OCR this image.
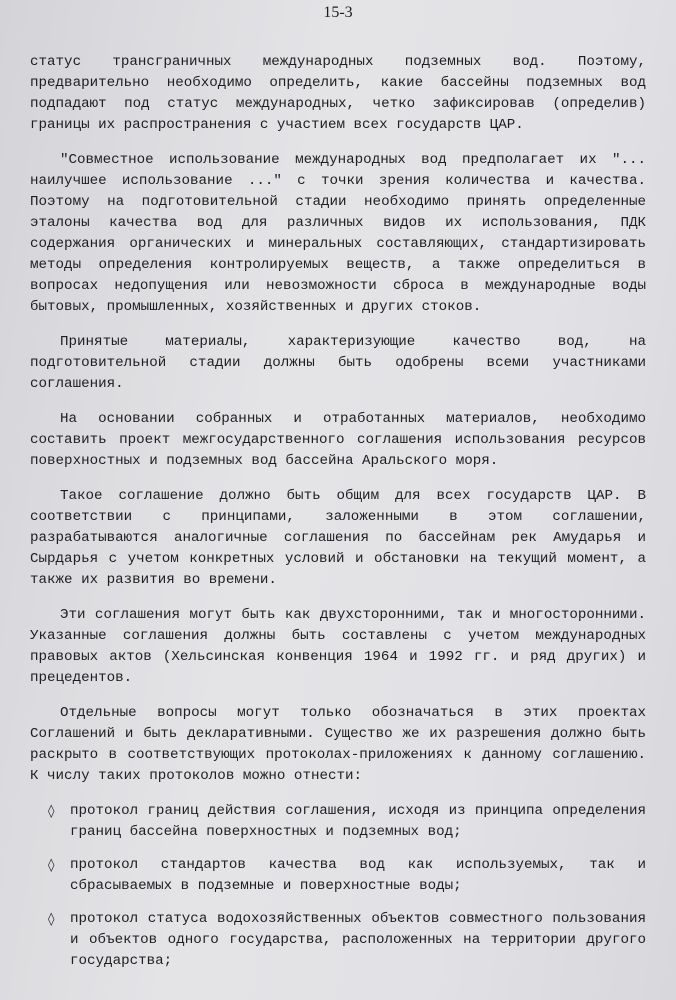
15-3

статус трансграничных международных подземных вод. Поэтому, предварительно необходимо определить, какие бассейны подземных вод подпадают под статус международных, четко зафиксировав (определив) границы их распространения с участием всех государств ЦАР.

"Совместное использование международных вод предполагает их "... наилучшее использование ..." с точки зрения количества и качества. Поэтому на подготовительной стадии необходимо принять определенные эталоны качества вод для различных видов их использования, ПДК содержания органических и минеральных составляющих, стандартизировать методы определения контролируемых веществ, а также определиться в вопросах недопущения или невозможности сброса в международные воды бытовых, промышленных, хозяйственных и других стоков.

Принятые материалы, характеризующие качество вод, на подготовительной стадии должны быть одобрены всеми участниками соглашения.

На основании собранных и отработанных материалов, необходимо составить проект межгосударственного соглашения использования ресурсов поверхностных и подземных вод бассейна Аральского моря.

Такое соглашение должно быть общим для всех государств ЦАР. В соответствии с принципами, заложенными в этом соглашении, разрабатываются аналогичные соглашения по бассейнам рек Амударья и Сырдарья с учетом конкретных условий и обстановки на текущий момент, а также их развития во времени.

Эти соглашения могут быть как двухсторонними, так и многосторонними. Указанные соглашения должны быть составлены с учетом международных правовых актов (Хельсинская конвенция 1964 и 1992 гг. и ряд других) и прецедентов.

Отдельные вопросы могут только обозначаться в этих проектах Соглашений и быть декларативными. Существо же их разрешения должно быть раскрыто в соответствующих протоколах-приложениях к данному соглашению. К числу таких протоколов можно отнести:

◊ протокол границ действия соглашения, исходя из принципа определения границ бассейна поверхностных и подземных вод;
◊ протокол стандартов качества вод как используемых, так и сбрасываемых в подземные и поверхностные воды;
◊ протокол статуса водохозяйственных объектов совместного пользования и объектов одного государства, расположенных на территории другого государства;
